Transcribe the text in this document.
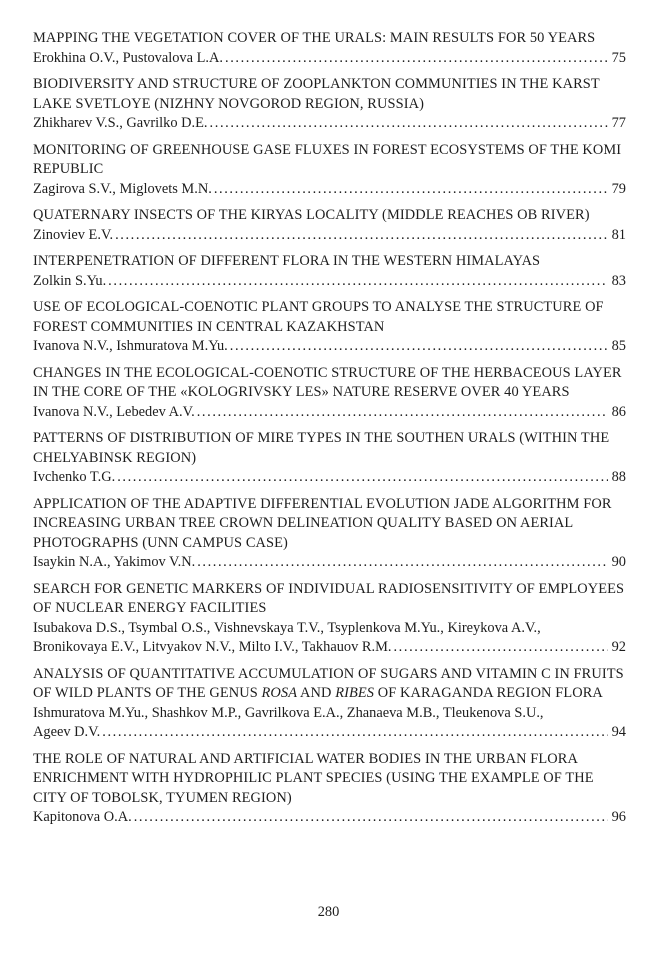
MAPPING THE VEGETATION COVER OF THE URALS: MAIN RESULTS FOR 50 YEARS
Erokhina O.V., Pustovalova L.A. .....	75
BIODIVERSITY AND STRUCTURE OF ZOOPLANKTON COMMUNITIES IN THE KARST LAKE SVETLOYE (NIZHNY NOVGOROD REGION, RUSSIA)
Zhikharev V.S., Gavrilko D.E. .....	77
MONITORING OF GREENHOUSE GASE FLUXES IN FOREST ECOSYSTEMS OF THE KOMI REPUBLIC
Zagirova S.V., Miglovets M.N. .....	79
QUATERNARY INSECTS OF THE KIRYAS LOCALITY (MIDDLE REACHES OB RIVER)
Zinoviev E.V. .....	81
INTERPENETRATION OF DIFFERENT FLORA IN THE WESTERN HIMALAYAS
Zolkin S.Yu. .....	83
USE OF ECOLOGICAL-COENOTIC PLANT GROUPS TO ANALYSE THE STRUCTURE OF FOREST COMMUNITIES IN CENTRAL KAZAKHSTAN
Ivanova N.V., Ishmuratova M.Yu. .....	85
CHANGES IN THE ECOLOGICAL-COENOTIC STRUCTURE OF THE HERBACEOUS LAYER IN THE CORE OF THE «KOLOGRIVSKY LES» NATURE RESERVE OVER 40 YEARS
Ivanova N.V., Lebedev A.V. .....	86
PATTERNS OF DISTRIBUTION OF MIRE TYPES IN THE SOUTHEN URALS (WITHIN THE CHELYABINSK REGION)
Ivchenko T.G. .....	88
APPLICATION OF THE ADAPTIVE DIFFERENTIAL EVOLUTION JADE ALGORITHM FOR INCREASING URBAN TREE CROWN DELINEATION QUALITY BASED ON AERIAL PHOTOGRAPHS (UNN CAMPUS CASE)
Isaykin N.A., Yakimov V.N. .....	90
SEARCH FOR GENETIC MARKERS OF INDIVIDUAL RADIOSENSITIVITY OF EMPLOYEES OF NUCLEAR ENERGY FACILITIES
Isubakova D.S., Tsymbal O.S., Vishnevskaya T.V., Tsyplenkova M.Yu., Kireykova A.V.,
Bronikovaya E.V., Litvyakov N.V., Milto I.V., Takhauov R.M. .....	92
ANALYSIS OF QUANTITATIVE ACCUMULATION OF SUGARS AND VITAMIN C IN FRUITS OF WILD PLANTS OF THE GENUS ROSA AND RIBES OF KARAGANDA REGION FLORA
Ishmuratova M.Yu., Shashkov M.P., Gavrilkova E.A., Zhanaeva M.B., Tleukenova S.U.,
Ageev D.V. .....	94
THE ROLE OF NATURAL AND ARTIFICIAL WATER BODIES IN THE URBAN FLORA ENRICHMENT WITH HYDROPHILIC PLANT SPECIES (USING THE EXAMPLE OF THE CITY OF TOBOLSK, TYUMEN REGION)
Kapitonova O.A. .....	96
280
